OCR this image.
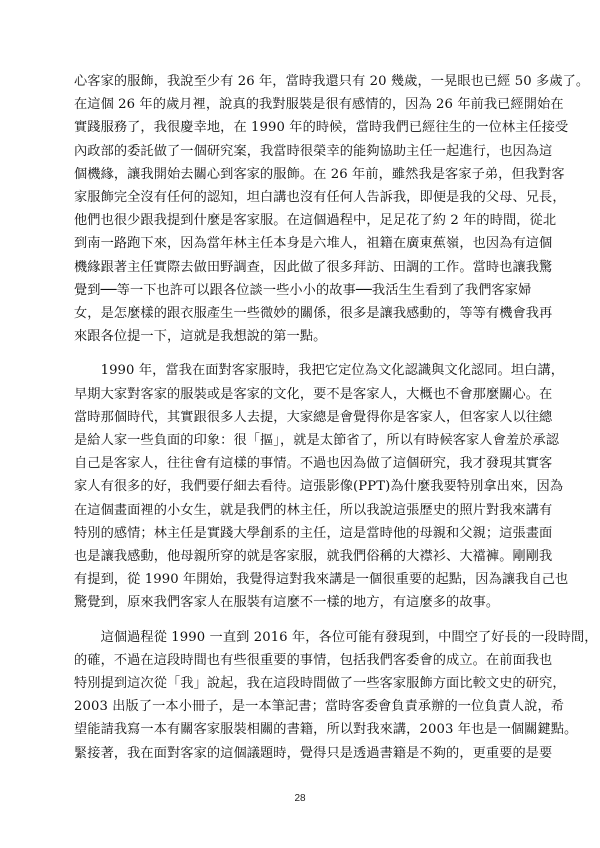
心客家的服飾，我說至少有 26 年，當時我還只有 20 幾歲，一晃眼也已經 50 多歲了。
在這個 26 年的歲月裡，說真的我對服裝是很有感情的，因為 26 年前我已經開始在
實踐服務了，我很慶幸地，在 1990 年的時候，當時我們已經往生的一位林主任接受
內政部的委託做了一個研究案，我當時很榮幸的能夠協助主任一起進行，也因為這
個機緣，讓我開始去關心到客家的服飾。在 26 年前，雖然我是客家子弟，但我對客
家服飾完全沒有任何的認知，坦白講也沒有任何人告訴我，即便是我的父母、兄長，
他們也很少跟我提到什麼是客家服。在這個過程中，足足花了約 2 年的時間，從北
到南一路跑下來，因為當年林主任本身是六堆人，祖籍在廣東蕉嶺，也因為有這個
機緣跟著主任實際去做田野調查，因此做了很多拜訪、田調的工作。當時也讓我驚
覺到──等一下也許可以跟各位談一些小小的故事──我活生生看到了我們客家婦
女，是怎麼樣的跟衣服產生一些微妙的關係，很多是讓我感動的，等等有機會我再
來跟各位提一下，這就是我想說的第一點。

　　1990 年，當我在面對客家服時，我把它定位為文化認識與文化認同。坦白講，
早期大家對客家的服裝或是客家的文化，要不是客家人，大概也不會那麼關心。在
當時那個時代，其實跟很多人去提，大家總是會覺得你是客家人，但客家人以往總
是給人家一些負面的印象：很「摳」，就是太節省了，所以有時候客家人會羞於承認
自己是客家人，往往會有這樣的事情。不過也因為做了這個研究，我才發現其實客
家人有很多的好，我們要仔細去看待。這張影像(PPT)為什麼我要特別拿出來，因為
在這個畫面裡的小女生，就是我們的林主任，所以我說這張歷史的照片對我來講有
特別的感情；林主任是實踐大學創系的主任，這是當時他的母親和父親；這張畫面
也是讓我感動，他母親所穿的就是客家服，就我們俗稱的大襟衫、大襠褲。剛剛我
有提到，從 1990 年開始，我覺得這對我來講是一個很重要的起點，因為讓我自己也
驚覺到，原來我們客家人在服裝有這麼不一樣的地方，有這麼多的故事。

　　這個過程從 1990 一直到 2016 年，各位可能有發現到，中間空了好長的一段時間，
的確，不過在這段時間也有些很重要的事情，包括我們客委會的成立。在前面我也
特別提到這次從「我」說起，我在這段時間做了一些客家服飾方面比較文史的研究，
2003 出版了一本小冊子，是一本筆記書；當時客委會負責承辦的一位負責人說，希
望能請我寫一本有關客家服裝相關的書籍，所以對我來講，2003 年也是一個關鍵點。
緊接著，我在面對客家的這個議題時，覺得只是透過書籍是不夠的，更重要的是要

28
